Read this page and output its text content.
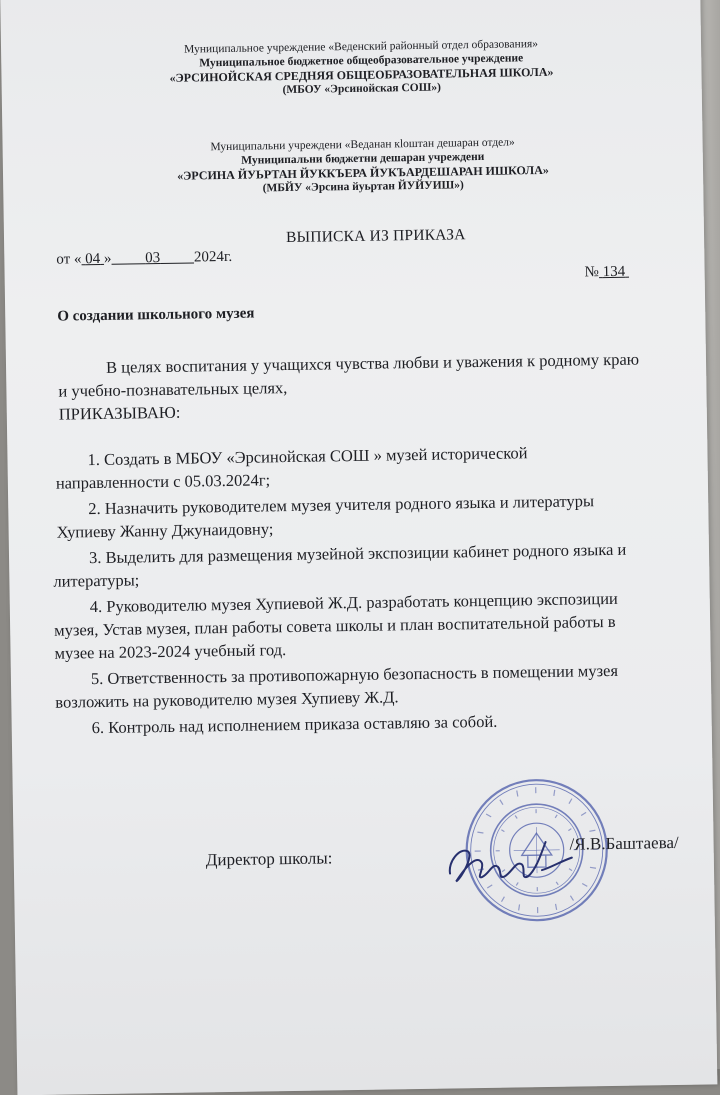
Муниципальное учреждение «Веденский районный отдел образования»
Муниципальное бюджетное общеобразовательное учреждение
«ЭРСИНОЙСКАЯ СРЕДНЯЯ ОБЩЕОБРАЗОВАТЕЛЬНАЯ ШКОЛА»
(МБОУ «Эрсинойская СОШ»)
Муниципальни учреждени «Веданан кlоштан дешаран отдел»
Муниципальни бюджетни дешаран учреждени
«ЭРСИНА ЙУЬРТАН ЙУККЪЕРА ЙУКЪАРДЕШАРАН ИШКОЛА»
(МБЙУ «Эрсина йуьртан ЙУЙУИШ»)
ВЫПИСКА ИЗ ПРИКАЗА
от « 04 » 03 2024г.
№ 134
О создании школьного музея
В целях воспитания у учащихся чувства любви и уважения к родному краю
и учебно-познавательных целях,
ПРИКАЗЫВАЮ:
1. Создать в МБОУ «Эрсинойская СОШ » музей исторической
направленности с 05.03.2024г;
2. Назначить руководителем музея учителя родного языка и литературы
Хупиеву Жанну Джунаидовну;
3. Выделить для размещения музейной экспозиции кабинет родного языка и
литературы;
4. Руководителю музея Хупиевой Ж.Д. разработать концепцию экспозиции
музея, Устав музея, план работы совета школы и план воспитательной работы в
музее на 2023-2024 учебный год.
5. Ответственность за противопожарную безопасность в помещении музея
возложить на руководителю музея Хупиеву Ж.Д.
6. Контроль над исполнением приказа оставляю за собой.
Директор школы:
/Я.В.Баштаева/
